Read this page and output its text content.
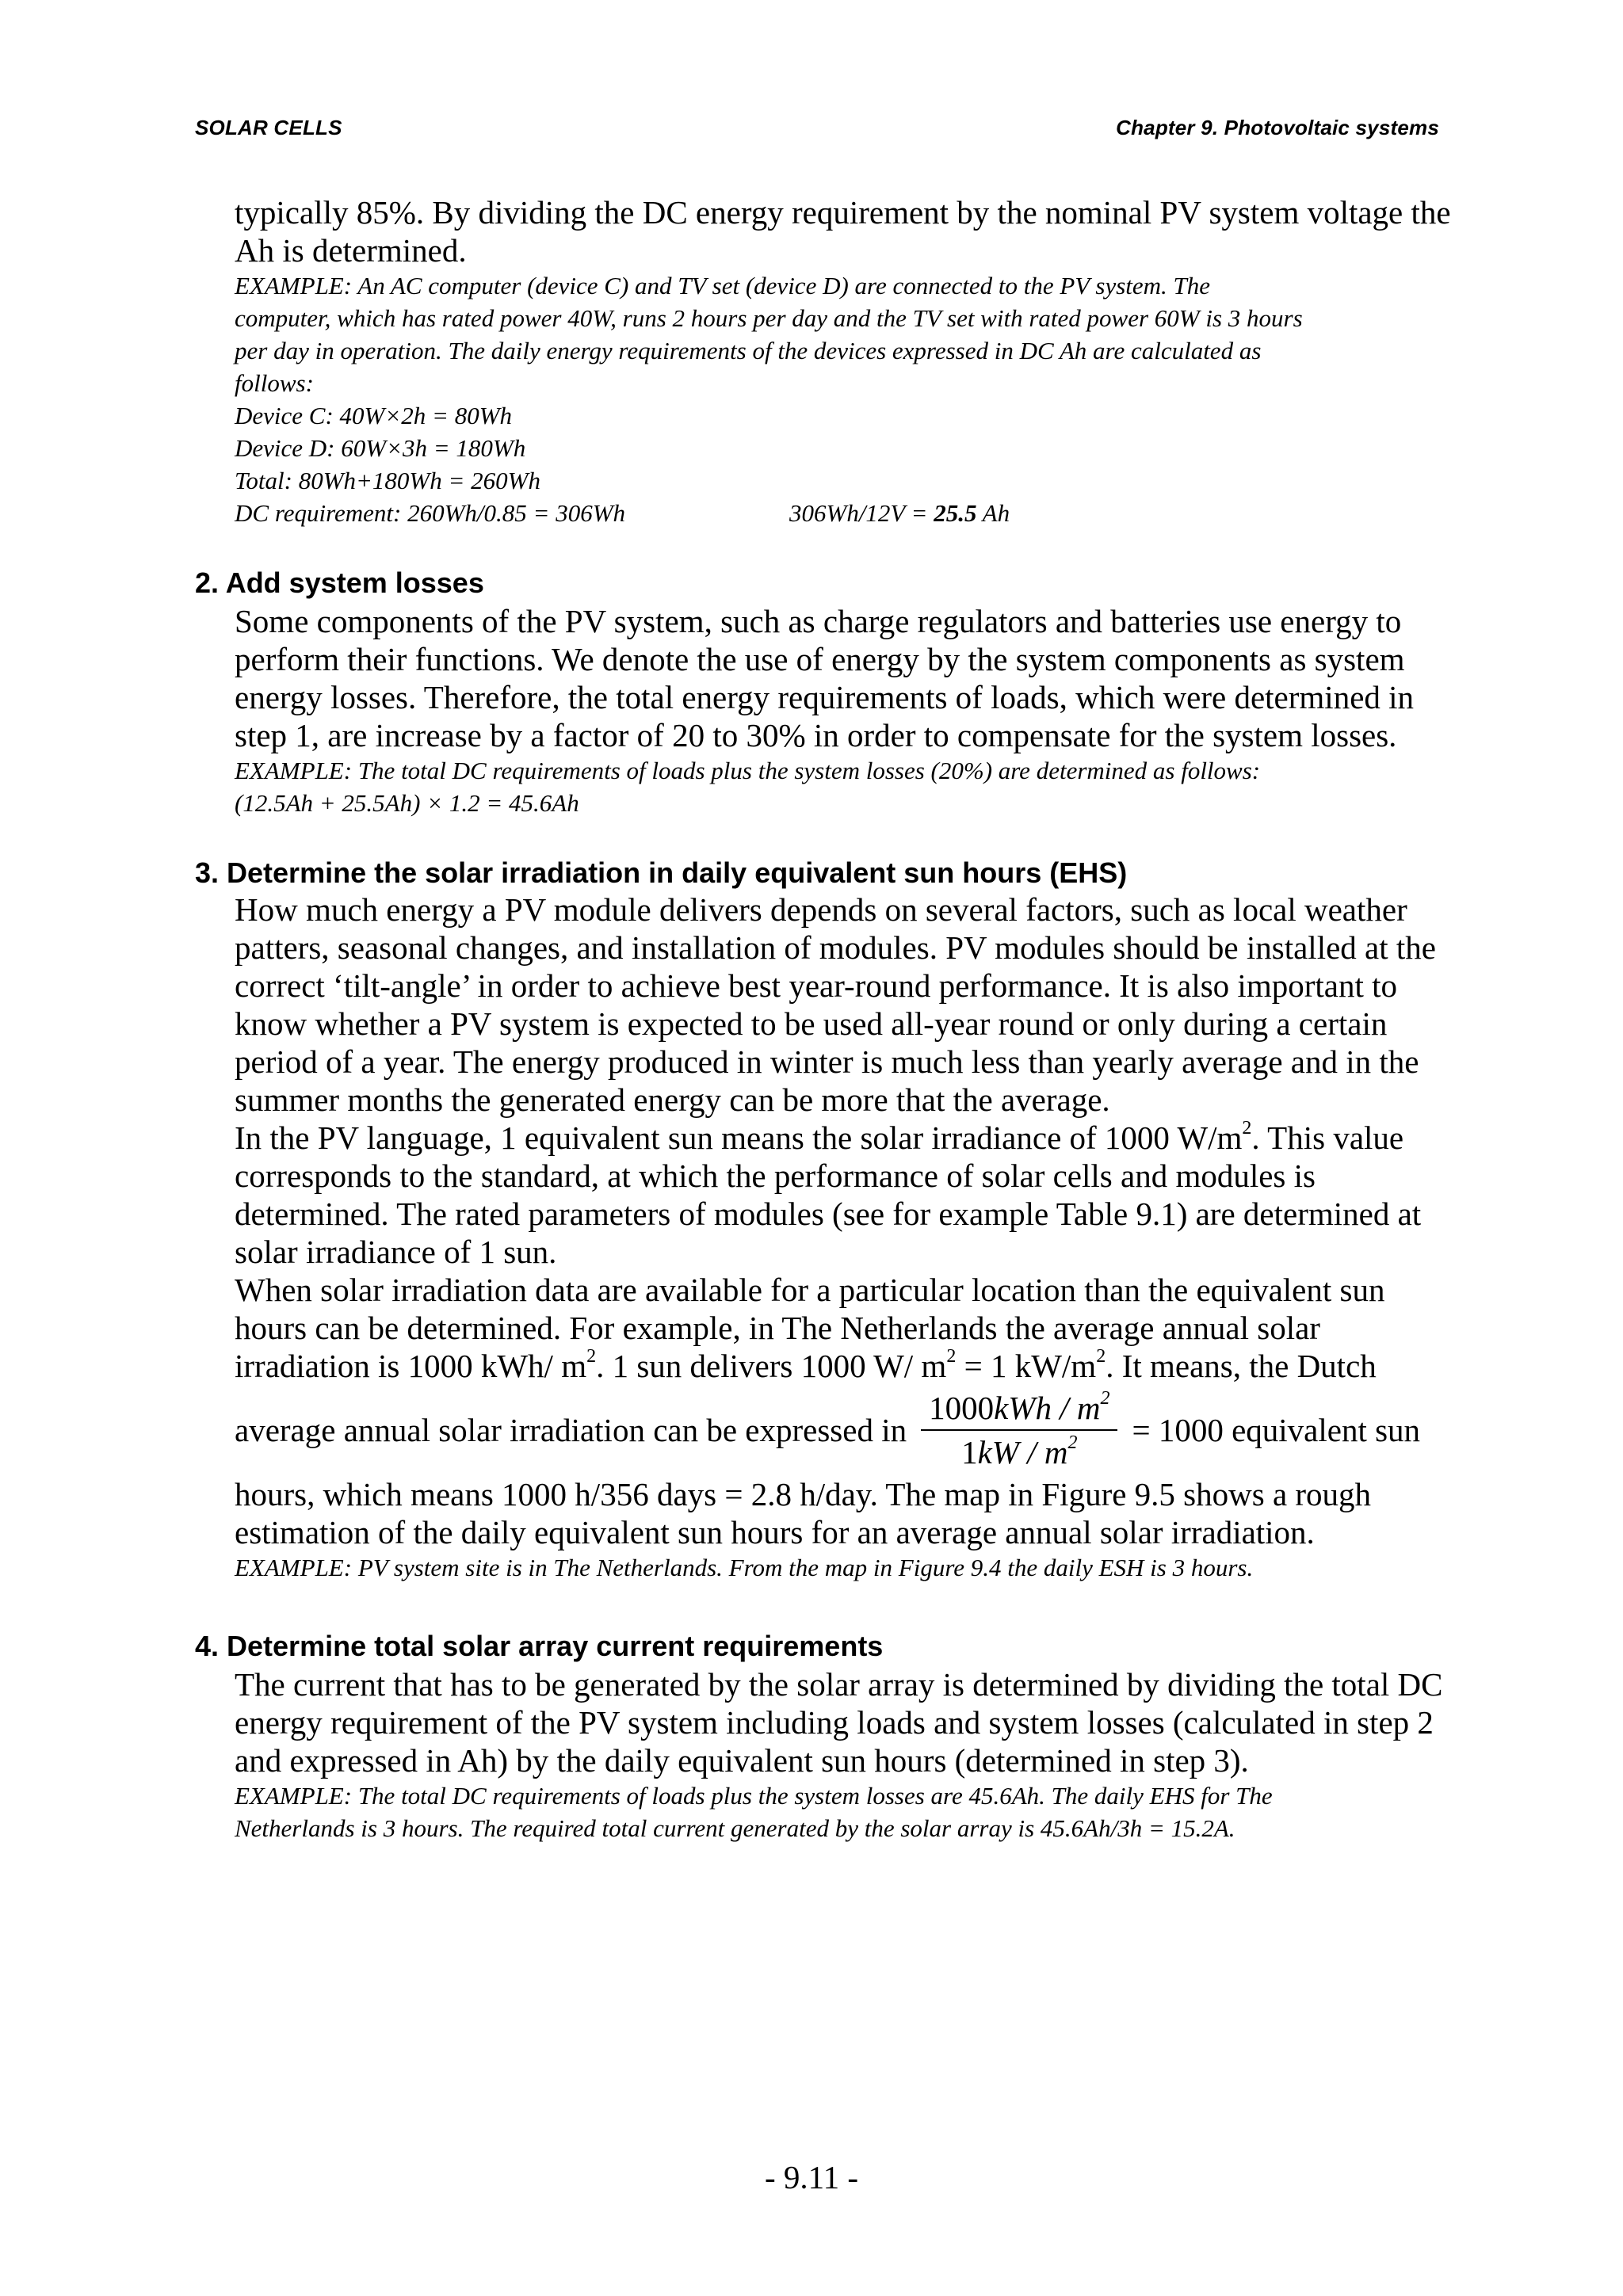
SOLAR CELLS	Chapter 9. Photovoltaic systems

typically 85%. By dividing the DC energy requirement by the nominal PV system voltage the Ah is determined.

EXAMPLE: An AC computer (device C) and TV set (device D) are connected to the PV system. The
computer, which has rated power 40W, runs 2 hours per day and the TV set with rated power 60W is 3 hours
per day in operation. The daily energy requirements of the devices expressed in DC Ah are calculated as
follows:
Device C: 40W×2h = 80Wh
Device D: 60W×3h = 180Wh
Total: 80Wh+180Wh = 260Wh
DC requirement: 260Wh/0.85 = 306Wh	306Wh/12V = 25.5 Ah
2. Add system losses

Some components of the PV system, such as charge regulators and batteries use energy to perform their functions. We denote the use of energy by the system components as system energy losses. Therefore, the total energy requirements of loads, which were determined in step 1, are increase by a factor of 20 to 30% in order to compensate for the system losses.

EXAMPLE: The total DC requirements of loads plus the system losses (20%) are determined as follows:
(12.5Ah + 25.5Ah) × 1.2 = 45.6Ah
3. Determine the solar irradiation in daily equivalent sun hours (EHS)

How much energy a PV module delivers depends on several factors, such as local weather patters, seasonal changes, and installation of modules. PV modules should be installed at the correct ‘tilt-angle’ in order to achieve best year-round performance. It is also important to know whether a PV system is expected to be used all-year round or only during a certain period of a year. The energy produced in winter is much less than yearly average and in the summer months the generated energy can be more that the average.

In the PV language, 1 equivalent sun means the solar irradiance of 1000 $W/m^2$. This value corresponds to the standard, at which the performance of solar cells and modules is determined. The rated parameters of modules (see for example Table 9.1) are determined at solar irradiance of 1 sun.

When solar irradiation data are available for a particular location than the equivalent sun hours can be determined. For example, in The Netherlands the average annual solar irradiation is 1000 kWh/ $m^2$. 1 sun delivers 1000 W/ $m^2 = 1$ $kW/m^2$. It means, the Dutch

average annual solar irradiation can be expressed in $\frac{1000kWh / m^2}{1kW / m^2} = 1000$ equivalent sun

hours, which means 1000 h/356 days = 2.8 h/day. The map in Figure 9.5 shows a rough estimation of the daily equivalent sun hours for an average annual solar irradiation.

EXAMPLE: PV system site is in The Netherlands. From the map in Figure 9.4 the daily ESH is 3 hours.
4. Determine total solar array current requirements

The current that has to be generated by the solar array is determined by dividing the total DC energy requirement of the PV system including loads and system losses (calculated in step 2 and expressed in Ah) by the daily equivalent sun hours (determined in step 3).

EXAMPLE: The total DC requirements of loads plus the system losses are 45.6Ah. The daily EHS for The
Netherlands is 3 hours. The required total current generated by the solar array is 45.6Ah/3h = 15.2A.
- 9.11 -
